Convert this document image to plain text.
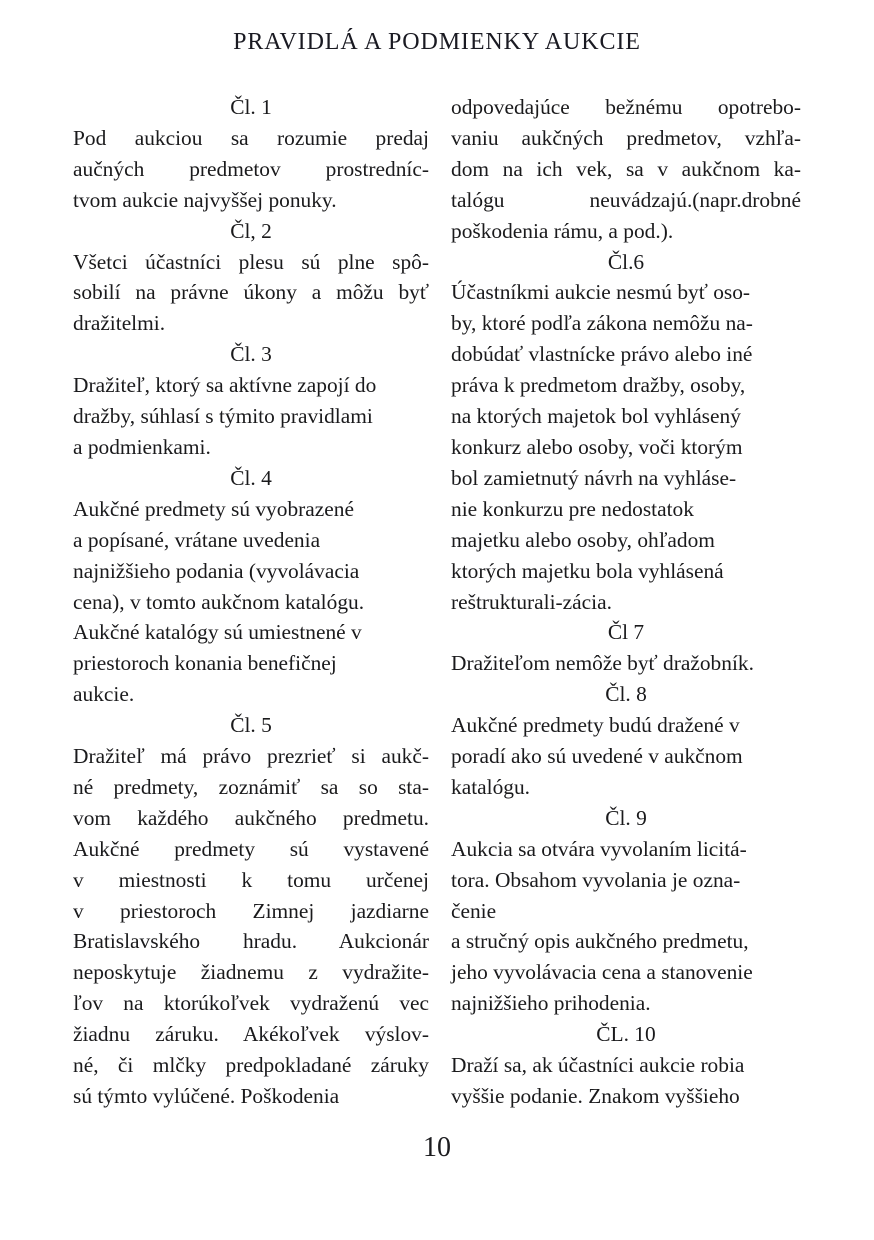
PRAVIDLÁ A PODMIENKY AUKCIE
Čl. 1

Pod aukciou sa rozumie predaj
aučných predmetov prostredníc-
tvom aukcie najvyššej ponuky.

Čl, 2

Všetci účastníci plesu sú plne spô-
sobilí na právne úkony a môžu byť
dražitelmi.

Čl. 3

Dražiteľ, ktorý sa aktívne zapojí do
dražby, súhlasí s týmito pravidlami
a podmienkami.

Čl. 4

Aukčné predmety sú vyobrazené
a popísané, vrátane uvedenia
najnižšieho podania (vyvolávacia
cena), v tomto aukčnom katalógu.
Aukčné katalógy sú umiestnené v
priestoroch konania benefičnej
aukcie.

Čl. 5

Dražiteľ má právo prezrieť si aukč-
né predmety, zoznámiť sa so sta-
vom každého aukčného predmetu.
Aukčné predmety sú vystavené
v miestnosti k tomu určenej
v priestoroch Zimnej jazdiarne
Bratislavského hradu. Aukcionár
neposkytuje žiadnemu z vydražite-
ľov na ktorúkoľvek vydraženú vec
žiadnu záruku. Akékoľvek výslov-
né, či mlčky predpokladané záruky
sú týmto vylúčené. Poškodenia

odpovedajúce bežnému opotrebo-
vaniu aukčných predmetov, vzhľa-
dom na ich vek, sa v aukčnom ka-
talógu neuvádzajú.(napr.drobné
poškodenia rámu, a pod.).

Čl.6

Účastníkmi aukcie nesmú byť oso-
by, ktoré podľa zákona nemôžu na-
dobúdať vlastnícke právo alebo iné
práva k predmetom dražby, osoby,
na ktorých majetok bol vyhlásený
konkurz alebo osoby, voči ktorým
bol zamietnutý návrh na vyhláse-
nie konkurzu pre nedostatok
majetku alebo osoby, ohľadom
ktorých majetku bola vyhlásená
reštrukturali-zácia.

Čl 7

Dražiteľom nemôže byť dražobník.

Čl. 8

Aukčné predmety budú dražené v
poradí ako sú uvedené v aukčnom
katalógu.

Čl. 9

Aukcia sa otvára vyvolaním licitá-
tora. Obsahom vyvolania je ozna-
čenie
a stručný opis aukčného predmetu,
jeho vyvolávacia cena a stanovenie
najnižšieho prihodenia.

ČL. 10

Draží sa, ak účastníci aukcie robia
vyššie podanie. Znakom vyššieho

10
